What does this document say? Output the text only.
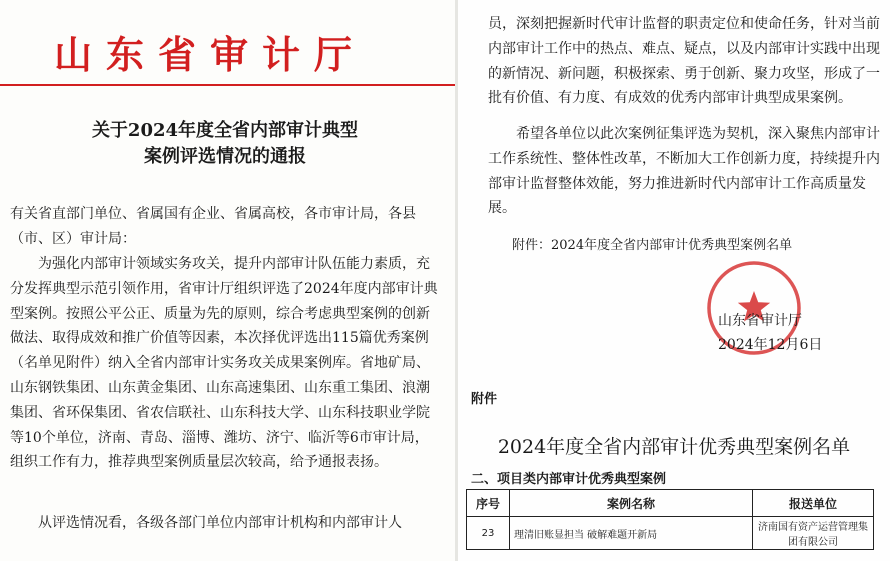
山东省审计厅
关于2024年度全省内部审计典型
案例评选情况的通报
有关省直部门单位、省属国有企业、省属高校，各市审计局，各县（市、区）审计局：
为强化内部审计领域实务攻关，提升内部审计队伍能力素质，充分发挥典型示范引领作用，省审计厅组织评选了2024年度内部审计典型案例。按照公平公正、质量为先的原则，综合考虑典型案例的创新做法、取得成效和推广价值等因素，本次择优评选出115篇优秀案例（名单见附件）纳入全省内部审计实务攻关成果案例库。省地矿局、山东钢铁集团、山东黄金集团、山东高速集团、山东重工集团、浪潮集团、省环保集团、省农信联社、山东科技大学、山东科技职业学院等10个单位，济南、青岛、淄博、潍坊、济宁、临沂等6市审计局，组织工作有力，推荐典型案例质量层次较高，给予通报表扬。
从评选情况看，各级各部门单位内部审计机构和内部审计人
员，深刻把握新时代审计监督的职责定位和使命任务，针对当前内部审计工作中的热点、难点、疑点，以及内部审计实践中出现的新情况、新问题，积极探索、勇于创新、聚力攻坚，形成了一批有价值、有力度、有成效的优秀内部审计典型成果案例。
希望各单位以此次案例征集评选为契机，深入聚焦内部审计工作系统性、整体性改革，不断加大工作创新力度，持续提升内部审计监督整体效能，努力推进新时代内部审计工作高质量发展。
附件：2024年度全省内部审计优秀典型案例名单
附件
2024年度全省内部审计优秀典型案例名单
二、项目类内部审计优秀典型案例
序号	案例名称	报送单位
23	理清旧账显担当 破解难题开新局	济南国有资产运营管理集团有限公司
山东省审计厅
2024年12月6日
